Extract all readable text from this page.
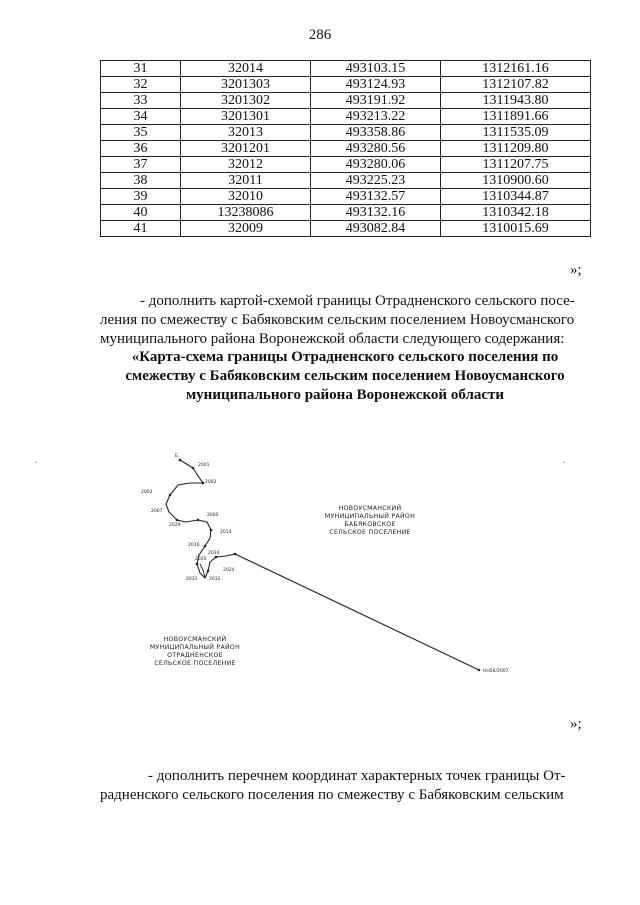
286
31	32014	493103.15	1312161.16
32	3201303	493124.93	1312107.82
33	3201302	493191.92	1311943.80
34	3201301	493213.22	1311891.66
35	32013	493358.86	1311535.09
36	3201201	493280.56	1311209.80
37	32012	493280.06	1311207.75
38	32011	493225.23	1310900.60
39	32010	493132.57	1310344.87
40	13238086	493132.16	1310342.18
41	32009	493082.84	1310015.69
»;
- дополнить картой-схемой границы Отрадненского сельского посе-
ления по смежеству с Бабяковским сельским поселением Новоусманского
муниципального района Воронежской области следующего содержания:
«Карта-схема границы Отрадненского сельского поселения по
смежеству с Бабяковским сельским поселением Новоусманского
муниципального района Воронежской области
Б
2001
2002
2003
2007
2000
2029
2014
2016
2020
2024
2034
2031	2032
НН56/2007
НОВОУСМАНСКИЙ
МУНИЦИПАЛЬНЫЙ РАЙОН
БАБЯКОВСКОЕ
СЕЛЬСКОЕ ПОСЕЛЕНИЕ
НОВОУСМАНСКИЙ
МУНИЦИПАЛЬНЫЙ РАЙОН
ОТРАДНЕНСКОЕ
СЕЛЬСКОЕ ПОСЕЛЕНИЕ
»;
- дополнить перечнем координат характерных точек границы От-
радненского сельского поселения по смежеству с Бабяковским сельским
